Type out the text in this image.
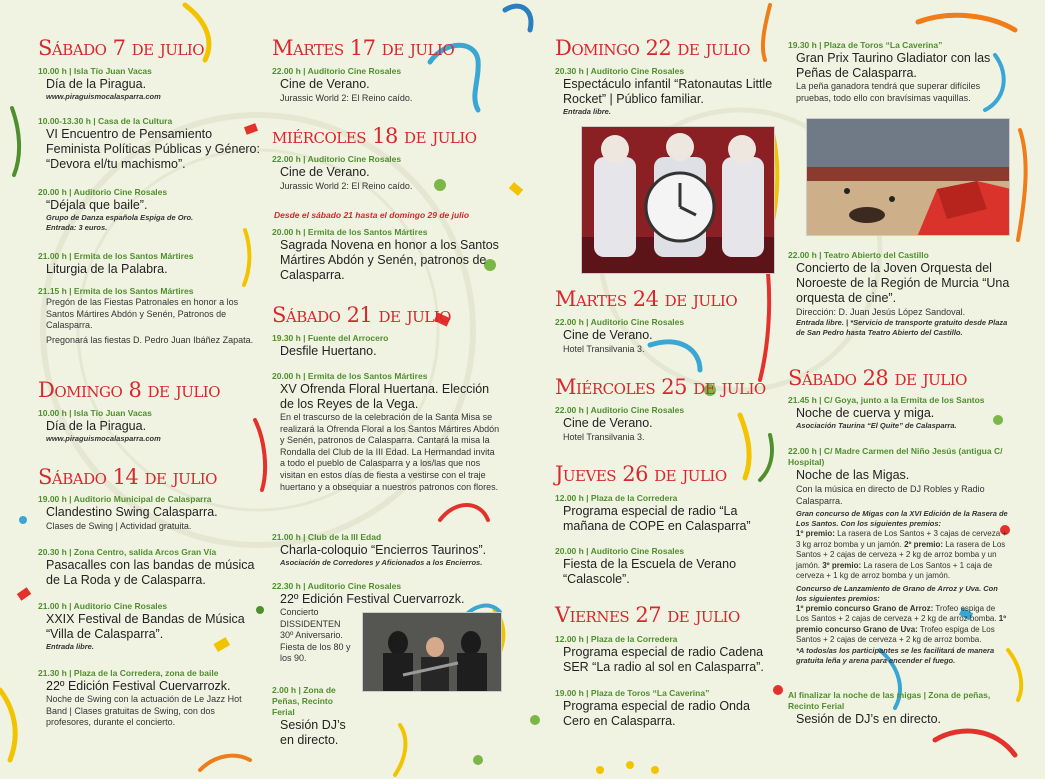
Sábado 7 de julio
10.00 h | Isla Tío Juan Vacas
Día de la Piragua.
www.piraguismocalasparra.com
10.00-13.30 h | Casa de la Cultura
VI Encuentro de Pensamiento Feminista Políticas Públicas y Género: “Devora el/tu machismo”.
20.00 h | Auditorio Cine Rosales
“Déjala que baile”.
Grupo de Danza española Espiga de Oro.
Entrada: 3 euros.
21.00 h | Ermita de los Santos Mártires
Liturgia de la Palabra.
21.15 h | Ermita de los Santos Mártires
Pregón de las Fiestas Patronales en honor a los Santos Mártires Abdón y Senén, Patronos de Calasparra.
Pregonará las fiestas D. Pedro Juan Ibáñez Zapata.
Domingo 8 de julio
10.00 h | Isla Tío Juan Vacas
Día de la Piragua.
www.piraguismocalasparra.com
Sábado 14 de julio
19.00 h | Auditorio Municipal de Calasparra
Clandestino Swing Calasparra.
Clases de Swing | Actividad gratuita.
20.30 h | Zona Centro, salida Arcos Gran Vía
Pasacalles con las bandas de música de La Roda y de Calasparra.
21.00 h | Auditorio Cine Rosales
XXIX Festival de Bandas de Música “Villa de Calasparra”.
Entrada libre.
21.30 h | Plaza de la Corredera, zona de baile
22º Edición Festival Cuervarrozk.
Noche de Swing con la actuación de Le Jazz Hot Band | Clases gratuitas de Swing, con dos profesores, durante el concierto.
Martes 17 de julio
22.00 h | Auditorio Cine Rosales
Cine de Verano.
Jurassic World 2: El Reino caído.
miércoles 18 de julio
22.00 h | Auditorio Cine Rosales
Cine de Verano.
Jurassic World 2: El Reino caído.
Desde el sábado 21 hasta el domingo 29 de julio
20.00 h | Ermita de los Santos Mártires
Sagrada Novena en honor a los Santos Mártires Abdón y Senén, patronos de Calasparra.
Sábado 21 de julio
19.30 h | Fuente del Arrocero
Desfile Huertano.
20.00 h | Ermita de los Santos Mártires
XV Ofrenda Floral Huertana. Elección de los Reyes de la Vega.
En el trascurso de la celebración de la Santa Misa se realizará la Ofrenda Floral a los Santos Mártires Abdón y Senén, patronos de Calasparra. Cantará la misa la Rondalla del Club de la III Edad. La Hermandad invita a todo el pueblo de Calasparra y a los/las que nos visitan en estos días de fiesta a vestirse con el traje huertano y a obsequiar a nuestros patronos con flores.
21.00 h | Club de la III Edad
Charla-coloquio “Encierros Taurinos”.
Asociación de Corredores y Aficionados a los Encierros.
22.30 h | Auditorio Cine Rosales
22º Edición Festival Cuervarrozk.
Concierto DISSIDENTEN 30º Aniversario. Fiesta de los 80 y los 90.
2.00 h | Zona de Peñas, Recinto Ferial
Sesión DJ’s en directo.
Domingo 22 de julio
20.30 h | Auditorio Cine Rosales
Espectáculo infantil “Ratonautas Little Rocket” | Público familiar.
Entrada libre.
Martes 24 de julio
22.00 h | Auditorio Cine Rosales
Cine de Verano.
Hotel Transilvania 3.
Miércoles 25 de julio
22.00 h | Auditorio Cine Rosales
Cine de Verano.
Hotel Transilvania 3.
Jueves 26 de julio
12.00 h | Plaza de la Corredera
Programa especial de radio “La mañana de COPE en Calasparra”
20.00 h | Auditorio Cine Rosales
Fiesta de la Escuela de Verano “Calascole”.
Viernes 27 de julio
12.00 h | Plaza de la Corredera
Programa especial de radio Cadena SER “La radio al sol en Calasparra”.
19.00 h | Plaza de Toros “La Caverina”
Programa especial de radio Onda Cero en Calasparra.
19.30 h | Plaza de Toros “La Caverina”
Gran Prix Taurino Gladiator con las Peñas de Calasparra.
La peña ganadora tendrá que superar difíciles pruebas, todo ello con bravísimas vaquillas.
22.00 h | Teatro Abierto del Castillo
Concierto de la Joven Orquesta del Noroeste de la Región de Murcia “Una orquesta de cine”.
Dirección: D. Juan Jesús López Sandoval.
Entrada libre. | *Servicio de transporte gratuito desde Plaza de San Pedro hasta Teatro Abierto del Castillo.
Sábado 28 de julio
21.45 h | C/ Goya, junto a la Ermita de los Santos
Noche de cuerva y miga.
Asociación Taurina “El Quite” de Calasparra.
22.00 h | C/ Madre Carmen del Niño Jesús (antigua C/
Hospital)
Noche de las Migas.
Con la música en directo de DJ Robles y Radio Calasparra.
Gran concurso de Migas con la XVI Edición de la Rasera de Los Santos. Con los siguientes premios:
1º premio: La rasera de Los Santos + 3 cajas de cerveza + 3 kg arroz bomba y un jamón. 2º premio: La rasera de Los Santos + 2 cajas de cerveza + 2 kg de arroz bomba y un jamón. 3º premio: La rasera de Los Santos + 1 caja de cerveza + 1 kg de arroz bomba y un jamón.
Concurso de Lanzamiento de Grano de Arroz y Uva. Con los siguientes premios:
1º premio concurso Grano de Arroz: Trofeo espiga de Los Santos + 2 cajas de cerveza + 2 kg de arroz bomba. 1º premio concurso Grano de Uva: Trofeo espiga de Los Santos + 2 cajas de cerveza + 2 kg de arroz bomba.
*A todos/as los participantes se les facilitará de manera gratuita leña y arena para encender el fuego.
Al finalizar la noche de las migas | Zona de peñas,
Recinto Ferial
Sesión de DJ’s en directo.
